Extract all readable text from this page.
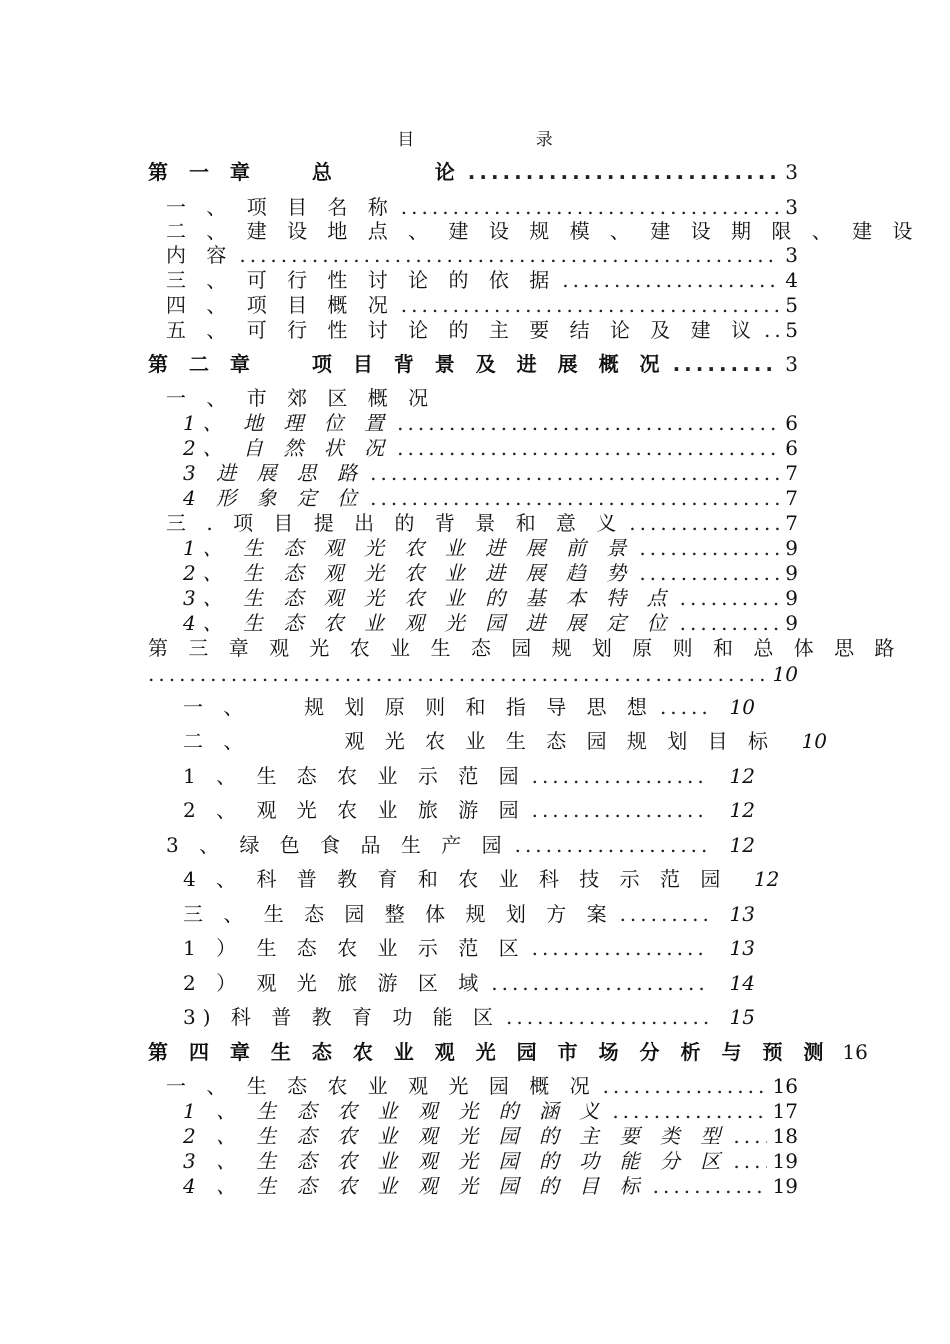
目 录
第 一 章 　 总 　 　 论 .....	3
一 、 项 目 名 称 .....	3
二 、 建 设 地 点 、 建 设 规 模 、 建 设 期 限 、 建 设
内 容 .....	3
三 、 可 行 性 讨 论 的 依 据 .....	4
四 、 项 目 概 况 .....	5
五 、 可 行 性 讨 论 的 主 要 结 论 及 建 议 ..... 5
第 二 章 　 项 目 背 景 及 进 展 概 况 .....	3
一 、 市 郊 区 概 况
1、 地 理 位 置 .....	6
2、 自 然 状 况 .....	6
3 进 展 思 路 .....	7
4 形 象 定 位 .....	7
三 . 项 目 提 出 的 背 景 和 意 义 .....	7
1、 生 态 观 光 农 业 进 展 前 景 .....	9
2、 生 态 观 光 农 业 进 展 趋 势 .....	9
3、 生 态 观 光 农 业 的 基 本 特 点 .....	9
4、 生 态 农 业 观 光 园 进 展 定 位 .....	9
第 三 章 观 光 农 业 生 态 园 规 划 原 则 和 总 体 思 路
.....
10
一 、 　 规 划 原 则 和 指 导 思 想 .....	10
二 、 　 　 观 光 农 业 生 态 园 规 划 目 标	10
1 、 生 态 农 业 示 范 园 .....	12
2 、 观 光 农 业 旅 游 园 .....	12
3 、 绿 色 食 品 生 产 园 .....	12
4 、 科 普 教 育 和 农 业 科 技 示 范 园	12
三 、 生 态 园 整 体 规 划 方 案 .....	13
1 ） 生 态 农 业 示 范 区 .....	13
2 ） 观 光 旅 游 区 域 .....	14
3) 科 普 教 育 功 能 区 .....	15
第 四 章 生 态 农 业 观 光 园 市 场 分 析 与 预 测 16
一 、 生 态 农 业 观 光 园 概 况 .....	16
1 、 生 态 农 业 观 光 的 涵 义 .....	17
2 、 生 态 农 业 观 光 园 的 主 要 类 型 ..... 18
3 、 生 态 农 业 观 光 园 的 功 能 分 区 ..... 19
4 、 生 态 农 业 观 光 园 的 目 标 .....	19
